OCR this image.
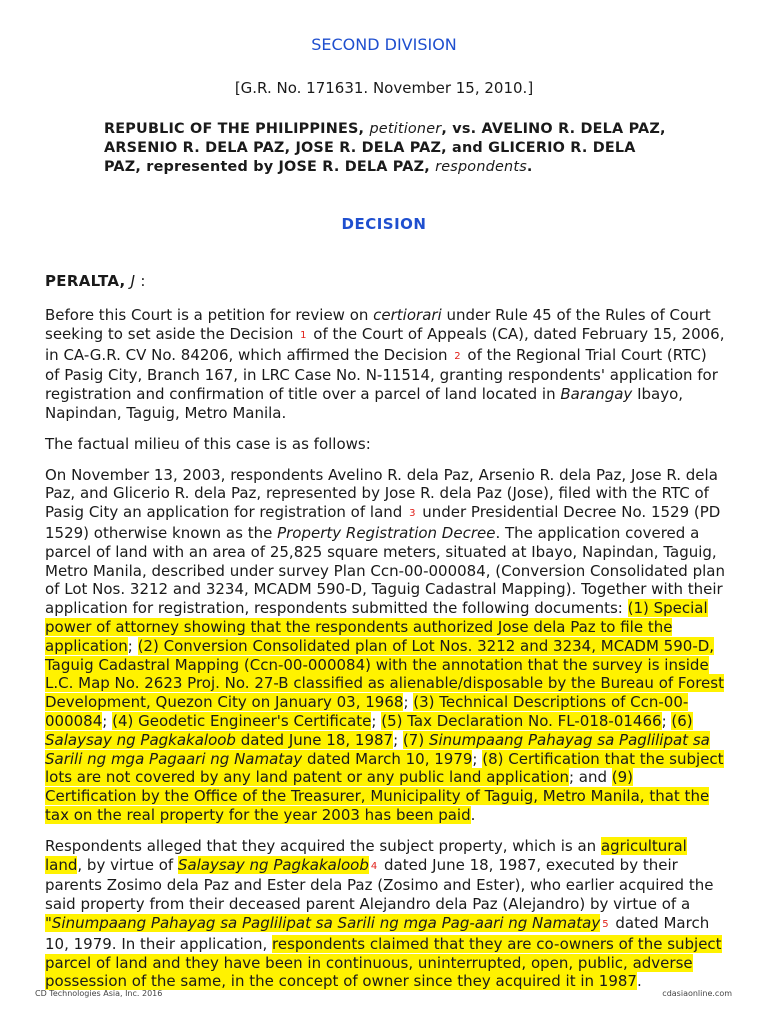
SECOND DIVISION
[G.R. No. 171631. November 15, 2010.]
REPUBLIC OF THE PHILIPPINES, petitioner, vs. AVELINO R. DELA PAZ, ARSENIO R. DELA PAZ, JOSE R. DELA PAZ, and GLICERIO R. DELA PAZ, represented by JOSE R. DELA PAZ, respondents.
DECISION
PERALTA, J :

Before this Court is a petition for review on certiorari under Rule 45 of the Rules of Court seeking to set aside the Decision 1 of the Court of Appeals (CA), dated February 15, 2006, in CA-G.R. CV No. 84206, which affirmed the Decision 2 of the Regional Trial Court (RTC) of Pasig City, Branch 167, in LRC Case No. N-11514, granting respondents' application for registration and confirmation of title over a parcel of land located in Barangay Ibayo, Napindan, Taguig, Metro Manila.

The factual milieu of this case is as follows:

On November 13, 2003, respondents Avelino R. dela Paz, Arsenio R. dela Paz, Jose R. dela Paz, and Glicerio R. dela Paz, represented by Jose R. dela Paz (Jose), filed with the RTC of Pasig City an application for registration of land 3 under Presidential Decree No. 1529 (PD 1529) otherwise known as the Property Registration Decree. The application covered a parcel of land with an area of 25,825 square meters, situated at Ibayo, Napindan, Taguig, Metro Manila, described under survey Plan Ccn-00-000084, (Conversion Consolidated plan of Lot Nos. 3212 and 3234, MCADM 590-D, Taguig Cadastral Mapping). Together with their application for registration, respondents submitted the following documents: (1) Special power of attorney showing that the respondents authorized Jose dela Paz to file the application; (2) Conversion Consolidated plan of Lot Nos. 3212 and 3234, MCADM 590-D, Taguig Cadastral Mapping (Ccn-00-000084) with the annotation that the survey is inside L.C. Map No. 2623 Proj. No. 27-B classified as alienable/disposable by the Bureau of Forest Development, Quezon City on January 03, 1968; (3) Technical Descriptions of Ccn-00-000084; (4) Geodetic Engineer's Certificate; (5) Tax Declaration No. FL-018-01466; (6) Salaysay ng Pagkakaloob dated June 18, 1987; (7) Sinumpaang Pahayag sa Paglilipat sa Sarili ng mga Pagaari ng Namatay dated March 10, 1979; (8) Certification that the subject lots are not covered by any land patent or any public land application; and (9) Certification by the Office of the Treasurer, Municipality of Taguig, Metro Manila, that the tax on the real property for the year 2003 has been paid.

Respondents alleged that they acquired the subject property, which is an agricultural land, by virtue of Salaysay ng Pagkakaloob 4 dated June 18, 1987, executed by their parents Zosimo dela Paz and Ester dela Paz (Zosimo and Ester), who earlier acquired the said property from their deceased parent Alejandro dela Paz (Alejandro) by virtue of a "Sinumpaang Pahayag sa Paglilipat sa Sarili ng mga Pag-aari ng Namatay 5 dated March 10, 1979. In their application, respondents claimed that they are co-owners of the subject parcel of land and they have been in continuous, uninterrupted, open, public, adverse possession of the same, in the concept of owner since they acquired it in 1987.

CD Technologies Asia, Inc. 2016	cdasiaonline.com
